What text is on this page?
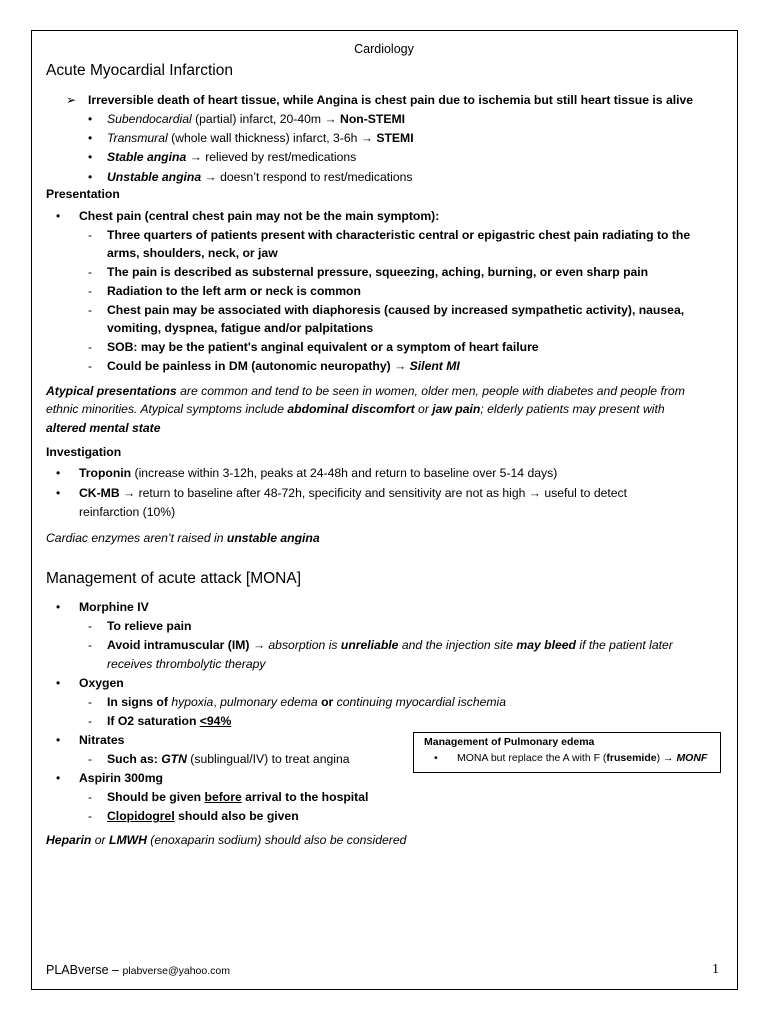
Cardiology
Acute Myocardial Infarction
➢ Irreversible death of heart tissue, while Angina is chest pain due to ischemia but still heart tissue is alive
• Subendocardial (partial) infarct, 20-40m → Non-STEMI
• Transmural (whole wall thickness) infarct, 3-6h → STEMI
• Stable angina → relieved by rest/medications
• Unstable angina → doesn’t respond to rest/medications
Presentation
• Chest pain (central chest pain may not be the main symptom):
- Three quarters of patients present with characteristic central or epigastric chest pain radiating to the
arms, shoulders, neck, or jaw
- The pain is described as substernal pressure, squeezing, aching, burning, or even sharp pain
- Radiation to the left arm or neck is common
- Chest pain may be associated with diaphoresis (caused by increased sympathetic activity), nausea,
vomiting, dyspnea, fatigue and/or palpitations
- SOB: may be the patient's anginal equivalent or a symptom of heart failure
- Could be painless in DM (autonomic neuropathy) → Silent MI
Atypical presentations are common and tend to be seen in women, older men, people with diabetes and people from
ethnic minorities. Atypical symptoms include abdominal discomfort or jaw pain; elderly patients may present with
altered mental state
Investigation
• Troponin (increase within 3-12h, peaks at 24-48h and return to baseline over 5-14 days)
• CK-MB → return to baseline after 48-72h, specificity and sensitivity are not as high → useful to detect
reinfarction (10%)
Cardiac enzymes aren’t raised in unstable angina
Management of acute attack [MONA]
• Morphine IV
- To relieve pain
- Avoid intramuscular (IM) → absorption is unreliable and the injection site may bleed if the patient later
receives thrombolytic therapy
• Oxygen
- In signs of hypoxia, pulmonary edema or continuing myocardial ischemia
- If O2 saturation <94%
• Nitrates
- Such as: GTN (sublingual/IV) to treat angina
• Aspirin 300mg
- Should be given before arrival to the hospital
- Clopidogrel should also be given
Heparin or LMWH (enoxaparin sodium) should also be considered
Management of Pulmonary edema
• MONA but replace the A with F (frusemide) → MONF
PLABverse – plabverse@yahoo.com	1
